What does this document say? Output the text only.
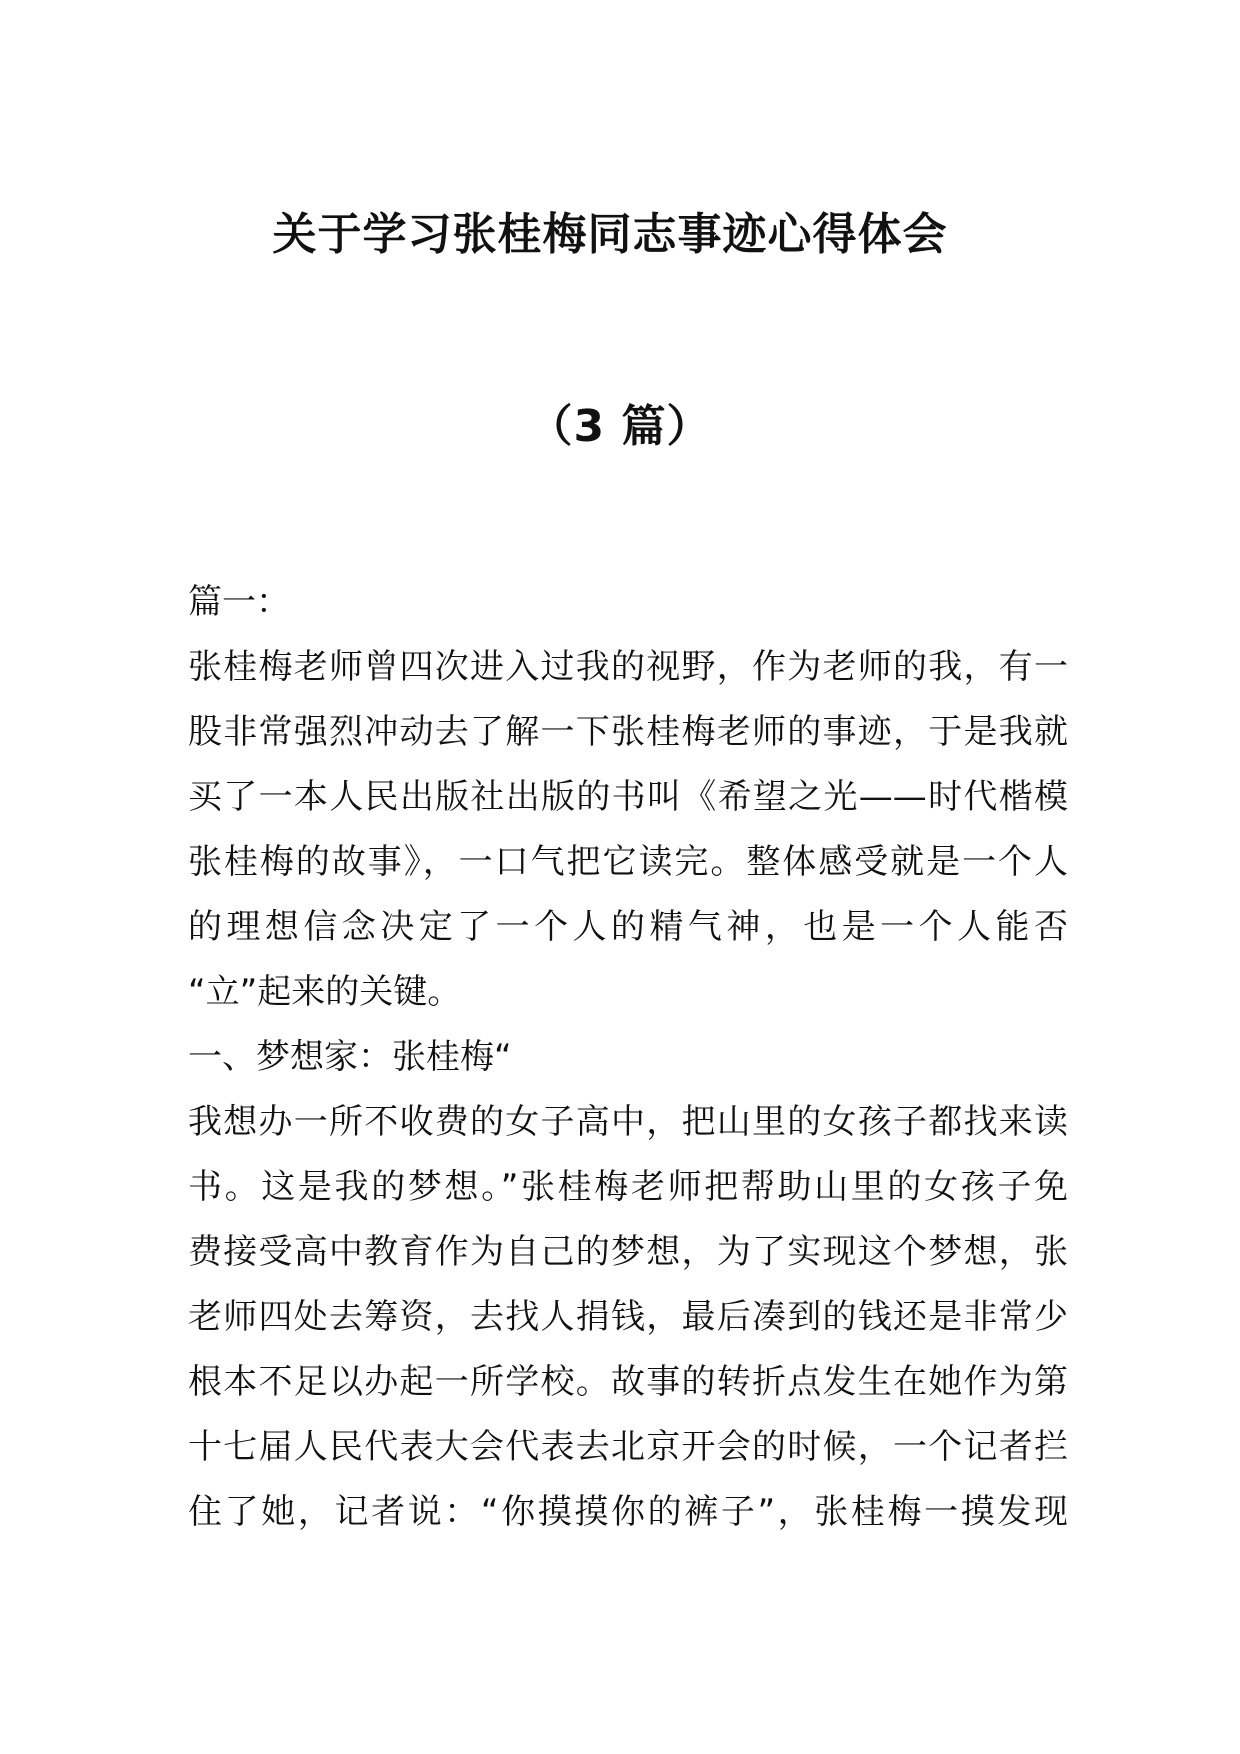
关于学习张桂梅同志事迹心得体会
（3 篇）

篇一：

张桂梅老师曾四次进入过我的视野，作为老师的我，有一

股非常强烈冲动去了解一下张桂梅老师的事迹，于是我就

买了一本人民出版社出版的书叫《希望之光——时代楷模

张桂梅的故事》，一口气把它读完。整体感受就是一个人

的理想信念决定了一个人的精气神，也是一个人能否

“立”起来的关键。

一、梦想家：张桂梅“

我想办一所不收费的女子高中，把山里的女孩子都找来读

书。这是我的梦想。”张桂梅老师把帮助山里的女孩子免

费接受高中教育作为自己的梦想，为了实现这个梦想，张

老师四处去筹资，去找人捐钱，最后凑到的钱还是非常少

根本不足以办起一所学校。故事的转折点发生在她作为第

十七届人民代表大会代表去北京开会的时候，一个记者拦

住了她，记者说：“你摸摸你的裤子”，张桂梅一摸发现
